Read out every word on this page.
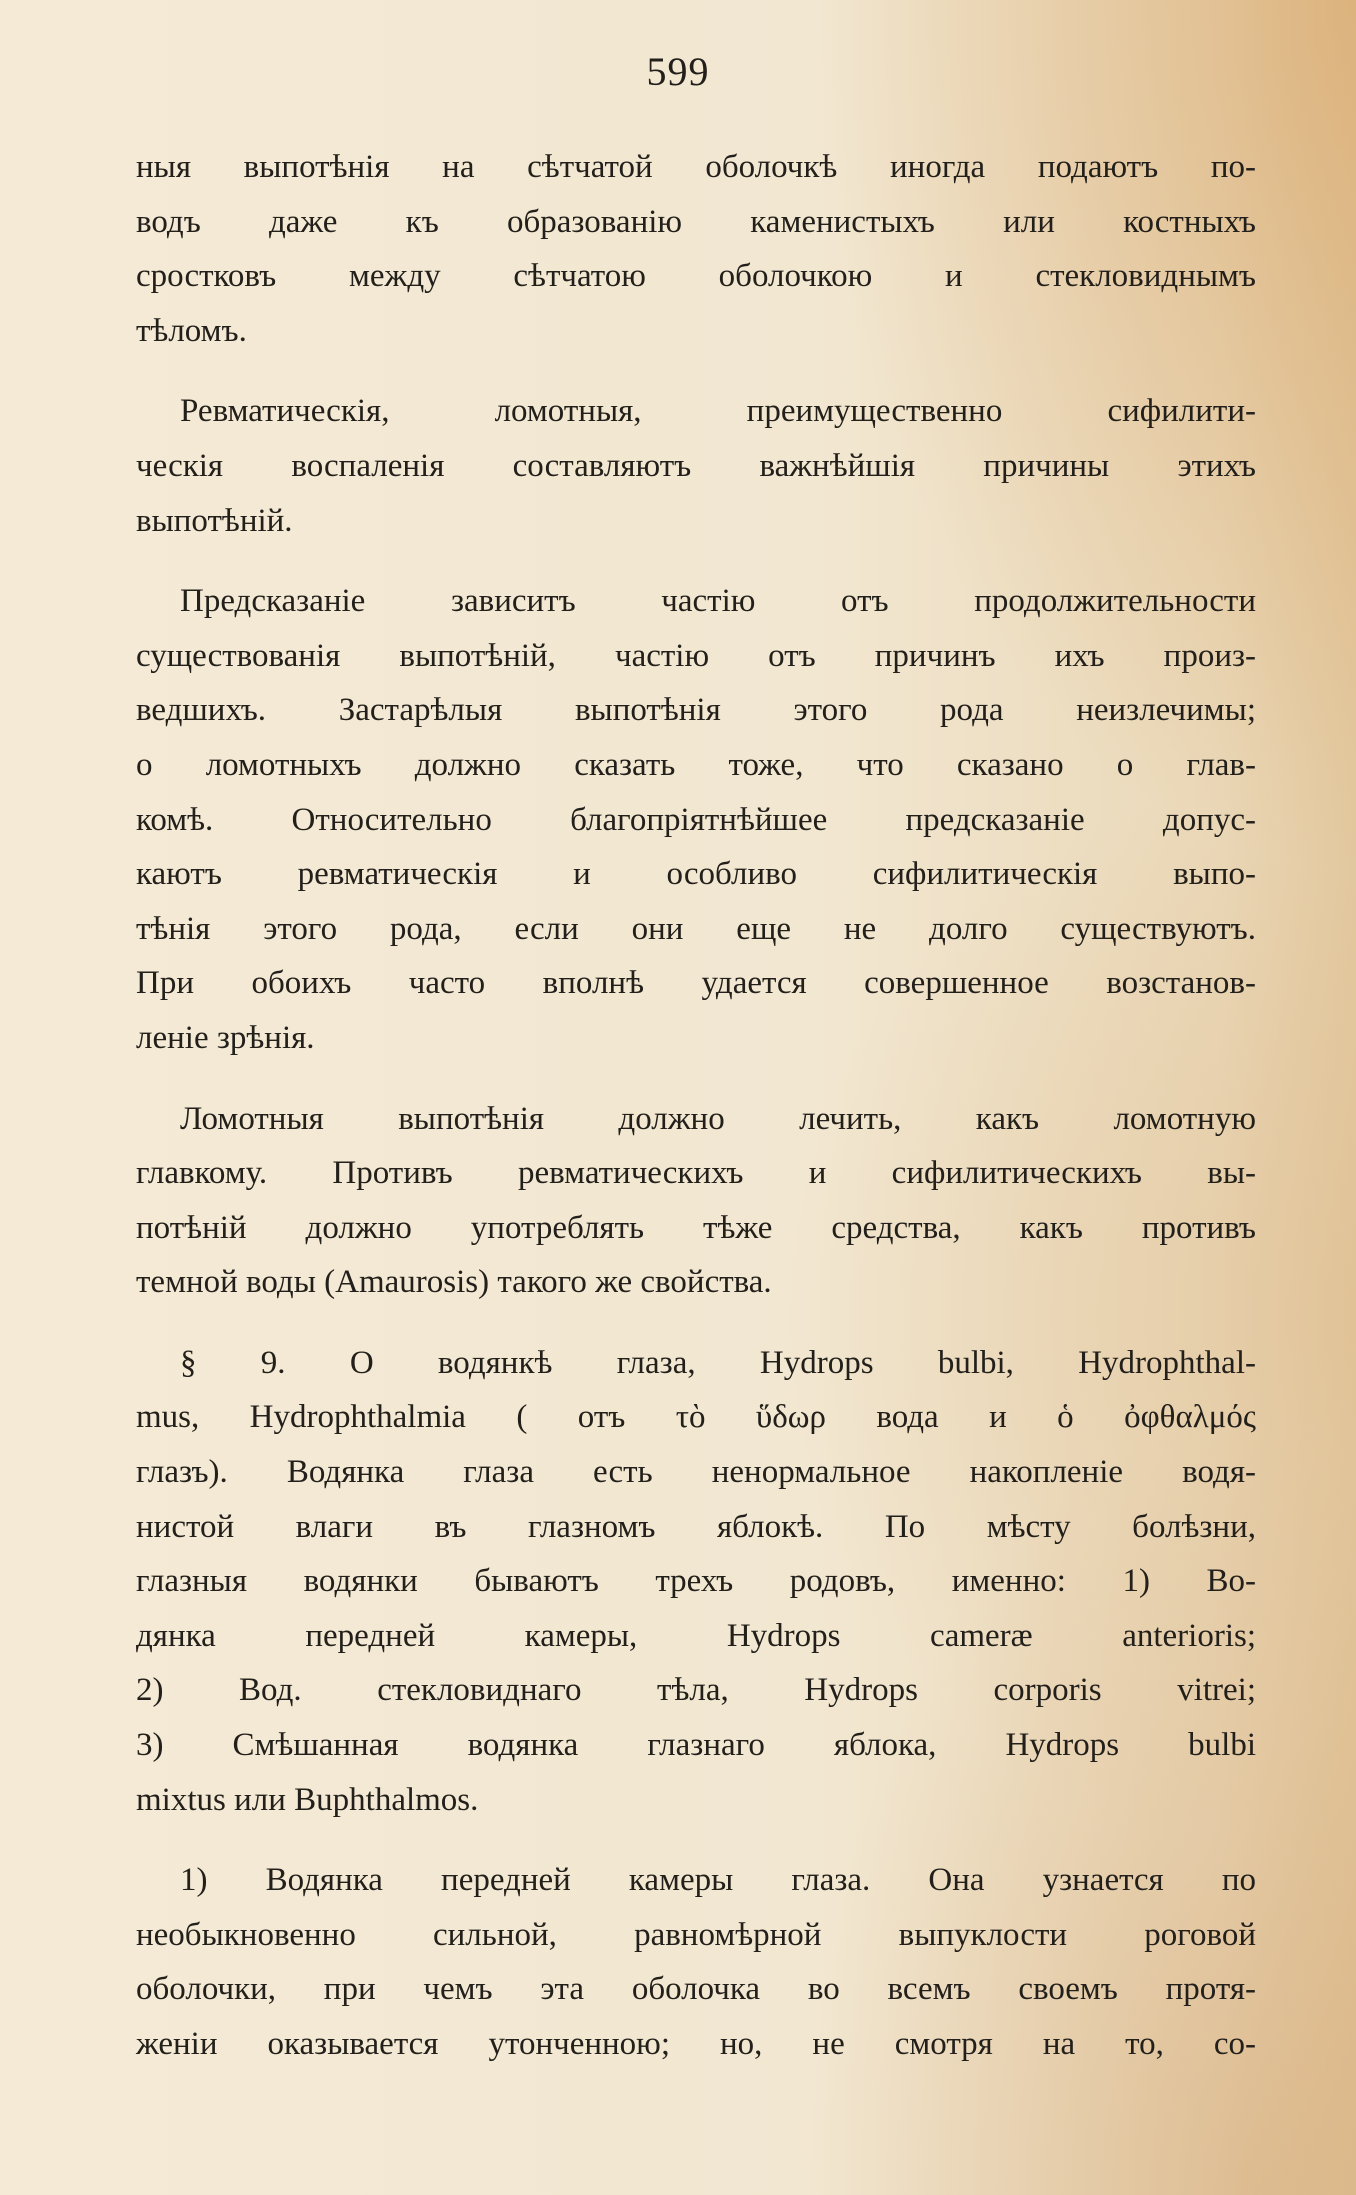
599

ныя выпотѣнія на сѣтчатой оболочкѣ иногда подаютъ по-
водъ даже къ образованію каменистыхъ или костныхъ
сростковъ между сѣтчатою оболочкою и стекловиднымъ
тѣломъ.

Ревматическія, ломотныя, преимущественно сифилити-
ческія воспаленія составляютъ важнѣйшія причины этихъ
выпотѣній.

Предсказаніе зависитъ частію отъ продолжительности
существованія выпотѣній, частію отъ причинъ ихъ произ-
ведшихъ. Застарѣлыя выпотѣнія этого рода неизлечимы;
о ломотныхъ должно сказать тоже, что сказано о глав-
комѣ. Относительно благопріятнѣйшее предсказаніе допус-
каютъ ревматическія и особливо сифилитическія выпо-
тѣнія этого рода, если они еще не долго существуютъ.
При обоихъ часто вполнѣ удается совершенное возстанов-
леніе зрѣнія.

Ломотныя выпотѣнія должно лечить, какъ ломотную
главкому. Противъ ревматическихъ и сифилитическихъ вы-
потѣній должно употреблять тѣже средства, какъ противъ
темной воды (Amaurosis) такого же свойства.

§ 9. О водянкѣ глаза, Hydrops bulbi, Hydrophthal-
mus, Hydrophthalmia ( отъ τὸ ὕδωρ вода и ὁ ὀφθαλμός
глазъ). Водянка глаза есть ненормальное накопленіе водя-
нистой влаги въ глазномъ яблокѣ. По мѣсту болѣзни,
глазныя водянки бываютъ трехъ родовъ, именно: 1) Во-
дянка передней камеры, Hydrops cameræ anterioris;
2) Вод. стекловиднаго тѣла, Hydrops corporis vitrei;
3) Смѣшанная водянка глазнаго яблока, Hydrops bulbi
mixtus или Buphthalmos.

1) Водянка передней камеры глаза. Она узнается по
необыкновенно сильной, равномѣрной выпуклости роговой
оболочки, при чемъ эта оболочка во всемъ своемъ протя-
женіи оказывается утонченною; но, не смотря на то, со-
